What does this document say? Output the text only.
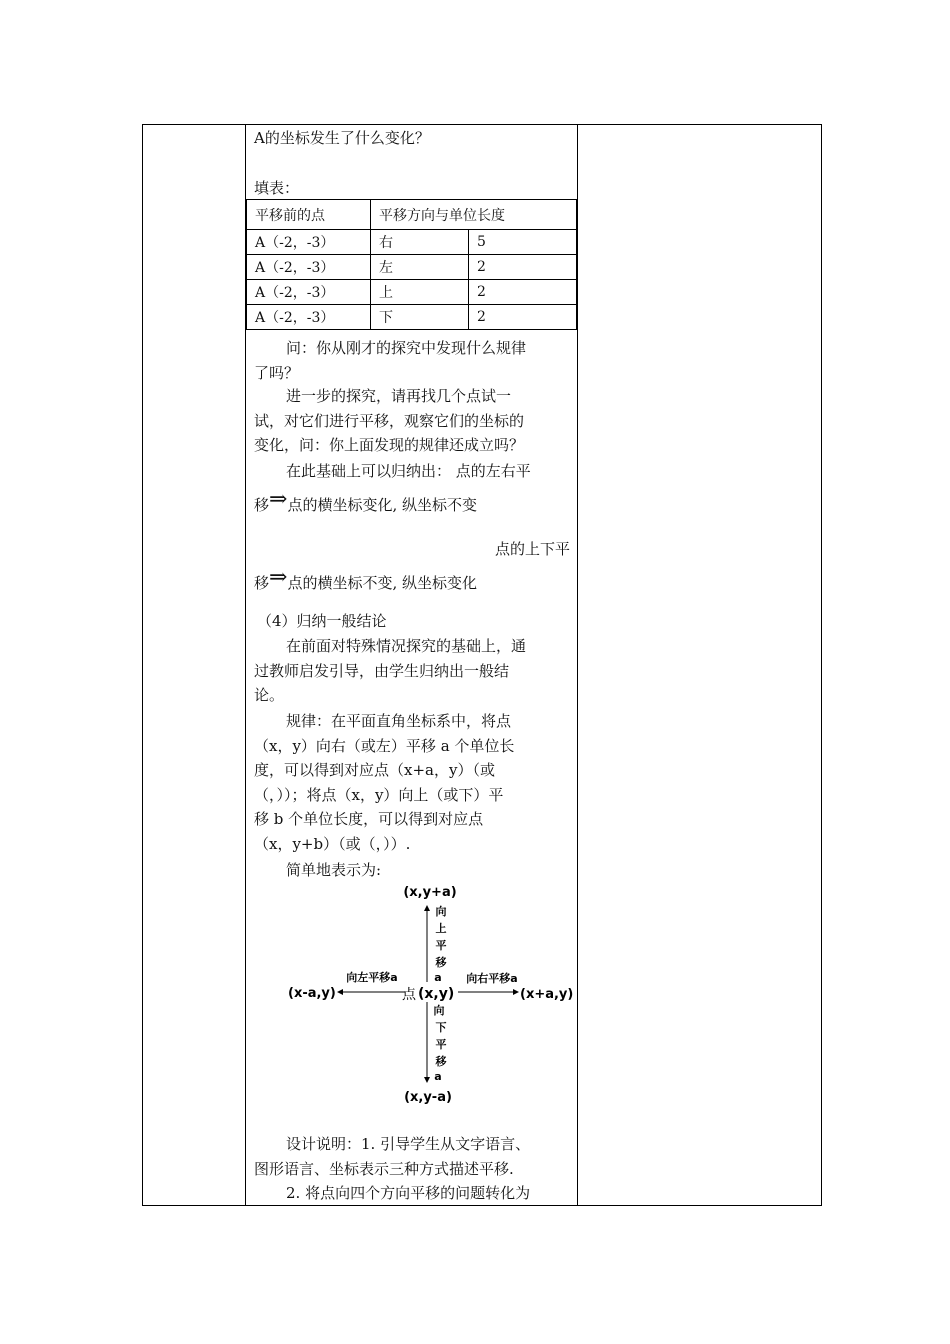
A的坐标发生了什么变化？
填表：
平移前的点	平移方向与单位长度	
A（-2，-3）	右	5
A（-2，-3）	左	2
A（-2，-3）	上	2
A（-2，-3）	下	2
问：你从刚才的探究中发现什么规律
了吗？
进一步的探究，请再找几个点试一
试，对它们进行平移，观察它们的坐标的
变化，问：你上面发现的规律还成立吗？
在此基础上可以归纳出： 点的左右平
移⇒点的横坐标变化, 纵坐标不变
点的上下平
移⇒点的横坐标不变, 纵坐标变化
（4）归纳一般结论
在前面对特殊情况探究的基础上，通
过教师启发引导，由学生归纳出一般结
论。
规律：在平面直角坐标系中，将点
（x，y）向右（或左）平移 a 个单位长
度，可以得到对应点（x+a，y）（或
（，））；将点（x，y）向上（或下）平
移 b 个单位长度，可以得到对应点
（x，y+b）（或（，））.
简单地表示为:
(x,y+a)
向
上
平
移
a
向左平移a	向右平移a
(x-a,y)	点 (x,y)	(x+a,y)
向
下
平
移
a
(x,y-a)
设计说明：1. 引导学生从文字语言、
图形语言、坐标表示三种方式描述平移.
2. 将点向四个方向平移的问题转化为
